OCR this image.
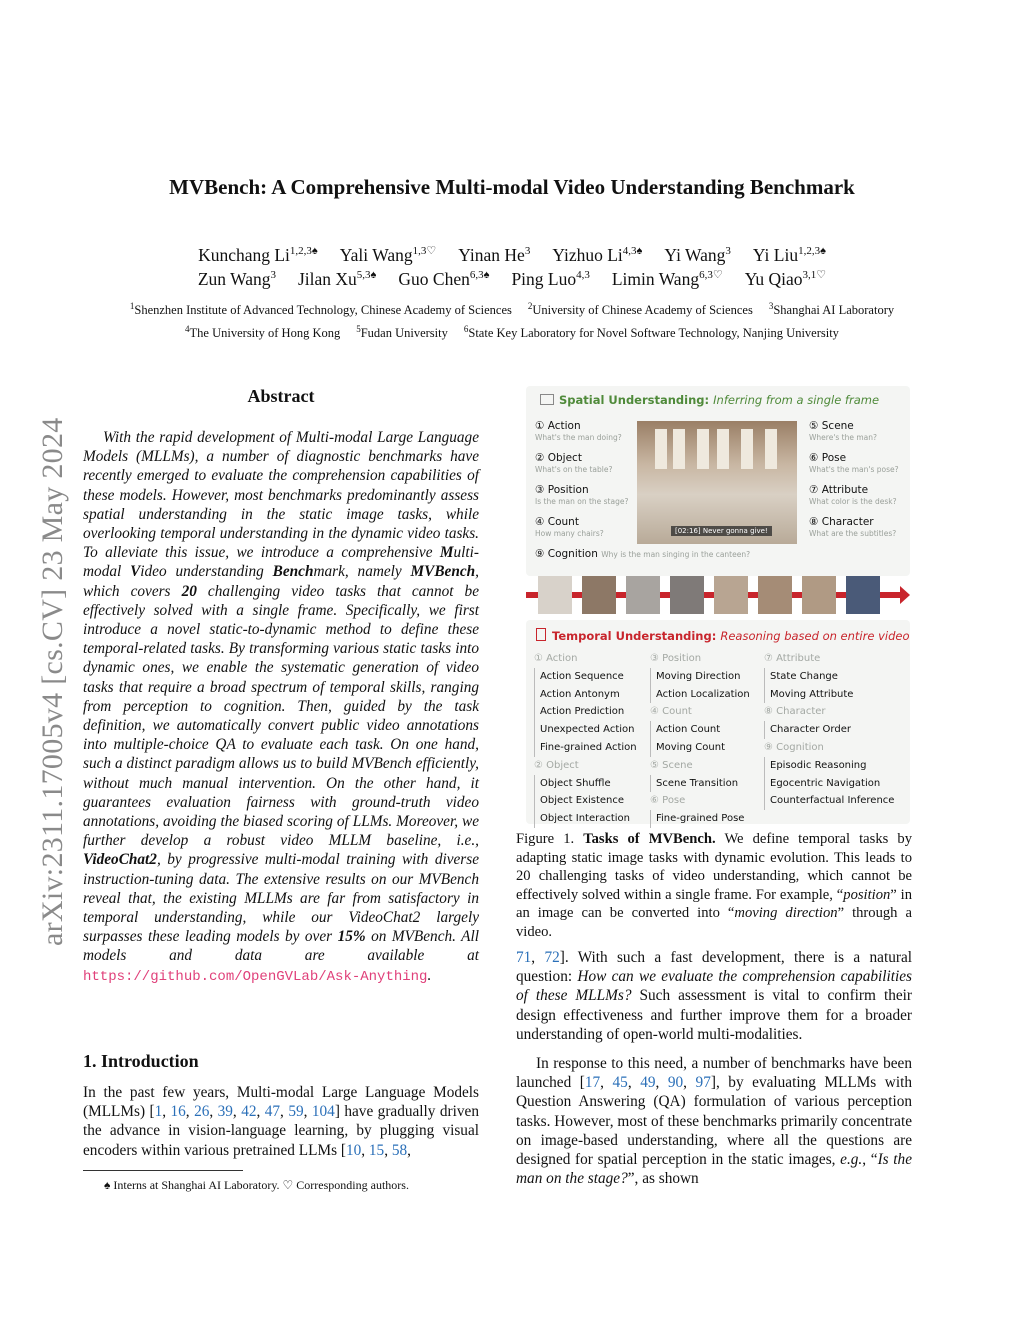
arXiv:2311.17005v4 [cs.CV] 23 May 2024
MVBench: A Comprehensive Multi-modal Video Understanding Benchmark
Kunchang $Li^{1,2,3♠}$ Yali Wang$^{1,3♡}$ Yinan He$^3$ Yizhuo $Li^{4,3♠}$ Yi Wang$^3$ Yi Liu$^{1,2,3♠}$
Zun Wang$^3$ Jilan $Xu^{5,3♠}$ Guo Chen$^{6,3♠}$ Ping Luo$^{4,3}$ Limin Wang$^{6,3♡}$ Yu Qiao$^{3,1♡}$
$^1$Shenzhen Institute of Advanced Technology, Chinese Academy of Sciences $^2$University of Chinese Academy of Sciences $^3$Shanghai AI Laboratory
$^4$The University of Hong Kong $^5$Fudan University $^6$State Key Laboratory for Novel Software Technology, Nanjing University
Abstract
With the rapid development of Multi-modal Large Language Models (MLLMs), a number of diagnostic benchmarks have recently emerged to evaluate the comprehension capabilities of these models. However, most benchmarks predominantly assess spatial understanding in the static image tasks, while overlooking temporal understanding in the dynamic video tasks. To alleviate this issue, we introduce a comprehensive Multi-modal Video understanding Benchmark, namely MVBench, which covers 20 challenging video tasks that cannot be effectively solved with a single frame. Specifically, we first introduce a novel static-to-dynamic method to define these temporal-related tasks. By transforming various static tasks into dynamic ones, we enable the systematic generation of video tasks that require a broad spectrum of temporal skills, ranging from perception to cognition. Then, guided by the task definition, we automatically convert public video annotations into multiple-choice QA to evaluate each task. On one hand, such a distinct paradigm allows us to build MVBench efficiently, without much manual intervention. On the other hand, it guarantees evaluation fairness with ground-truth video annotations, avoiding the biased scoring of LLMs. Moreover, we further develop a robust video MLLM baseline, i.e., VideoChat2, by progressive multi-modal training with diverse instruction-tuning data. The extensive results on our MVBench reveal that, the existing MLLMs are far from satisfactory in temporal understanding, while our VideoChat2 largely surpasses these leading models by over 15% on MVBench. All models and data are available at https://github.com/OpenGVLab/Ask-Anything.
1. Introduction
In the past few years, Multi-modal Large Language Models (MLLMs) [1, 16, 26, 39, 42, 47, 59, 104] have gradually driven the advance in vision-language learning, by plugging visual encoders within various pretrained LLMs [10, 15, 58,
♠ Interns at Shanghai AI Laboratory. ♡ Corresponding authors.
Spatial Understanding: Inferring from a single frame
① Action
What's the man doing?
② Object
What's on the table?
③ Position
Is the man on the stage?
④ Count
How many chairs?
⑤ Scene
Where's the man?
⑥ Pose
What's the man's pose?
⑦ Attribute
What color is the desk?
⑧ Character
What are the subtitles?
[02:16] Never gonna give!
⑨ Cognition Why is the man singing in the canteen?
Temporal Understanding: Reasoning based on entire video
① Action
Action Sequence
Action Antonym
Action Prediction
Unexpected Action
Fine-grained Action
② Object
Object Shuffle
Object Existence
Object Interaction
③ Position
Moving Direction
Action Localization
④ Count
Action Count
Moving Count
⑤ Scene
Scene Transition
⑥ Pose
Fine-grained Pose
⑦ Attribute
State Change
Moving Attribute
⑧ Character
Character Order
⑨ Cognition
Episodic Reasoning
Egocentric Navigation
Counterfactual Inference
Figure 1. Tasks of MVBench. We define temporal tasks by adapting static image tasks with dynamic evolution. This leads to 20 challenging tasks of video understanding, which cannot be effectively solved within a single frame. For example, “position” in an image can be converted into “moving direction” through a video.

71, 72]. With such a fast development, there is a natural question: How can we evaluate the comprehension capabilities of these MLLMs? Such assessment is vital to confirm their design effectiveness and further improve them for a broader understanding of open-world multi-modalities.

In response to this need, a number of benchmarks have been launched [17, 45, 49, 90, 97], by evaluating MLLMs with Question Answering (QA) formulation of various perception tasks. However, most of these benchmarks primarily concentrate on image-based understanding, where all the questions are designed for spatial perception in the static images, e.g., “Is the man on the stage?”, as shown
